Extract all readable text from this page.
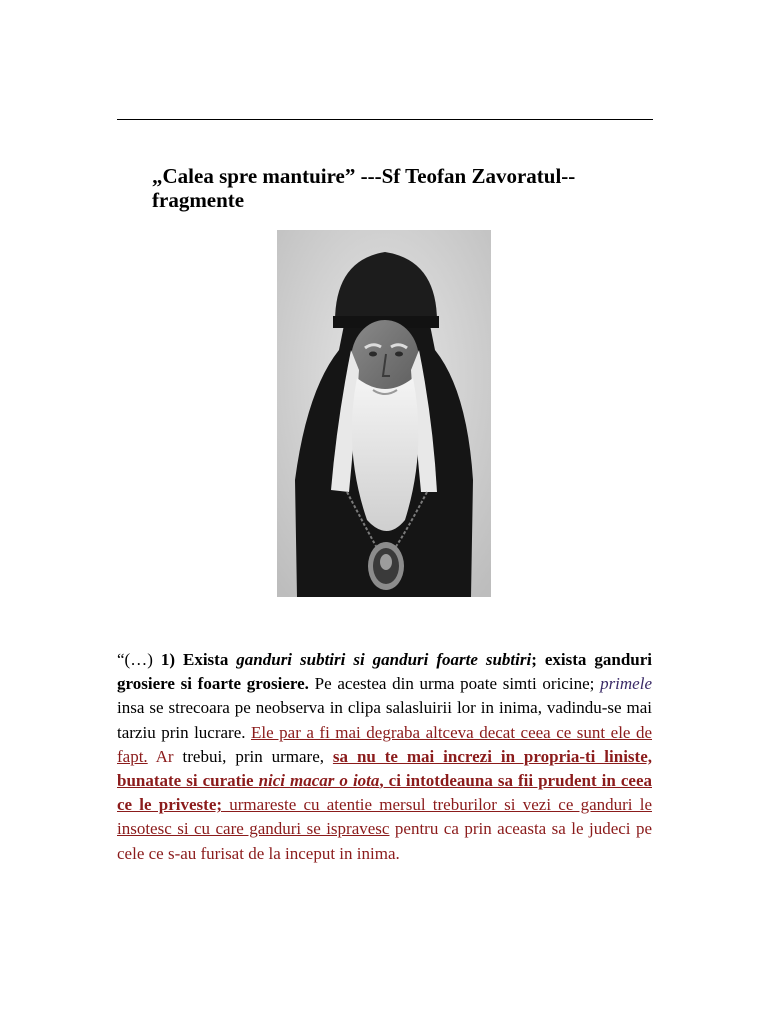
„Calea spre mantuire” ---Sf Teofan Zavoratul--
fragmente

“(…) 1) Exista ganduri subtiri si ganduri foarte subtiri; exista ganduri grosiere si foarte grosiere. Pe acestea din urma poate simti oricine; primele insa se strecoara pe neobserva in clipa salasluirii lor in inima, vadindu-se mai tarziu prin lucrare. Ele par a fi mai degraba altceva decat ceea ce sunt ele de fapt. Ar trebui, prin urmare, sa nu te mai increzi in propria-ti liniste, bunatate si curatie nici macar o iota, ci intotdeauna sa fii prudent in ceea ce le priveste; urmareste cu atentie mersul treburilor si vezi ce ganduri le insotesc si cu care ganduri se ispravesc pentru ca prin aceasta sa le judeci pe cele ce s-au furisat de la inceput in inima.
